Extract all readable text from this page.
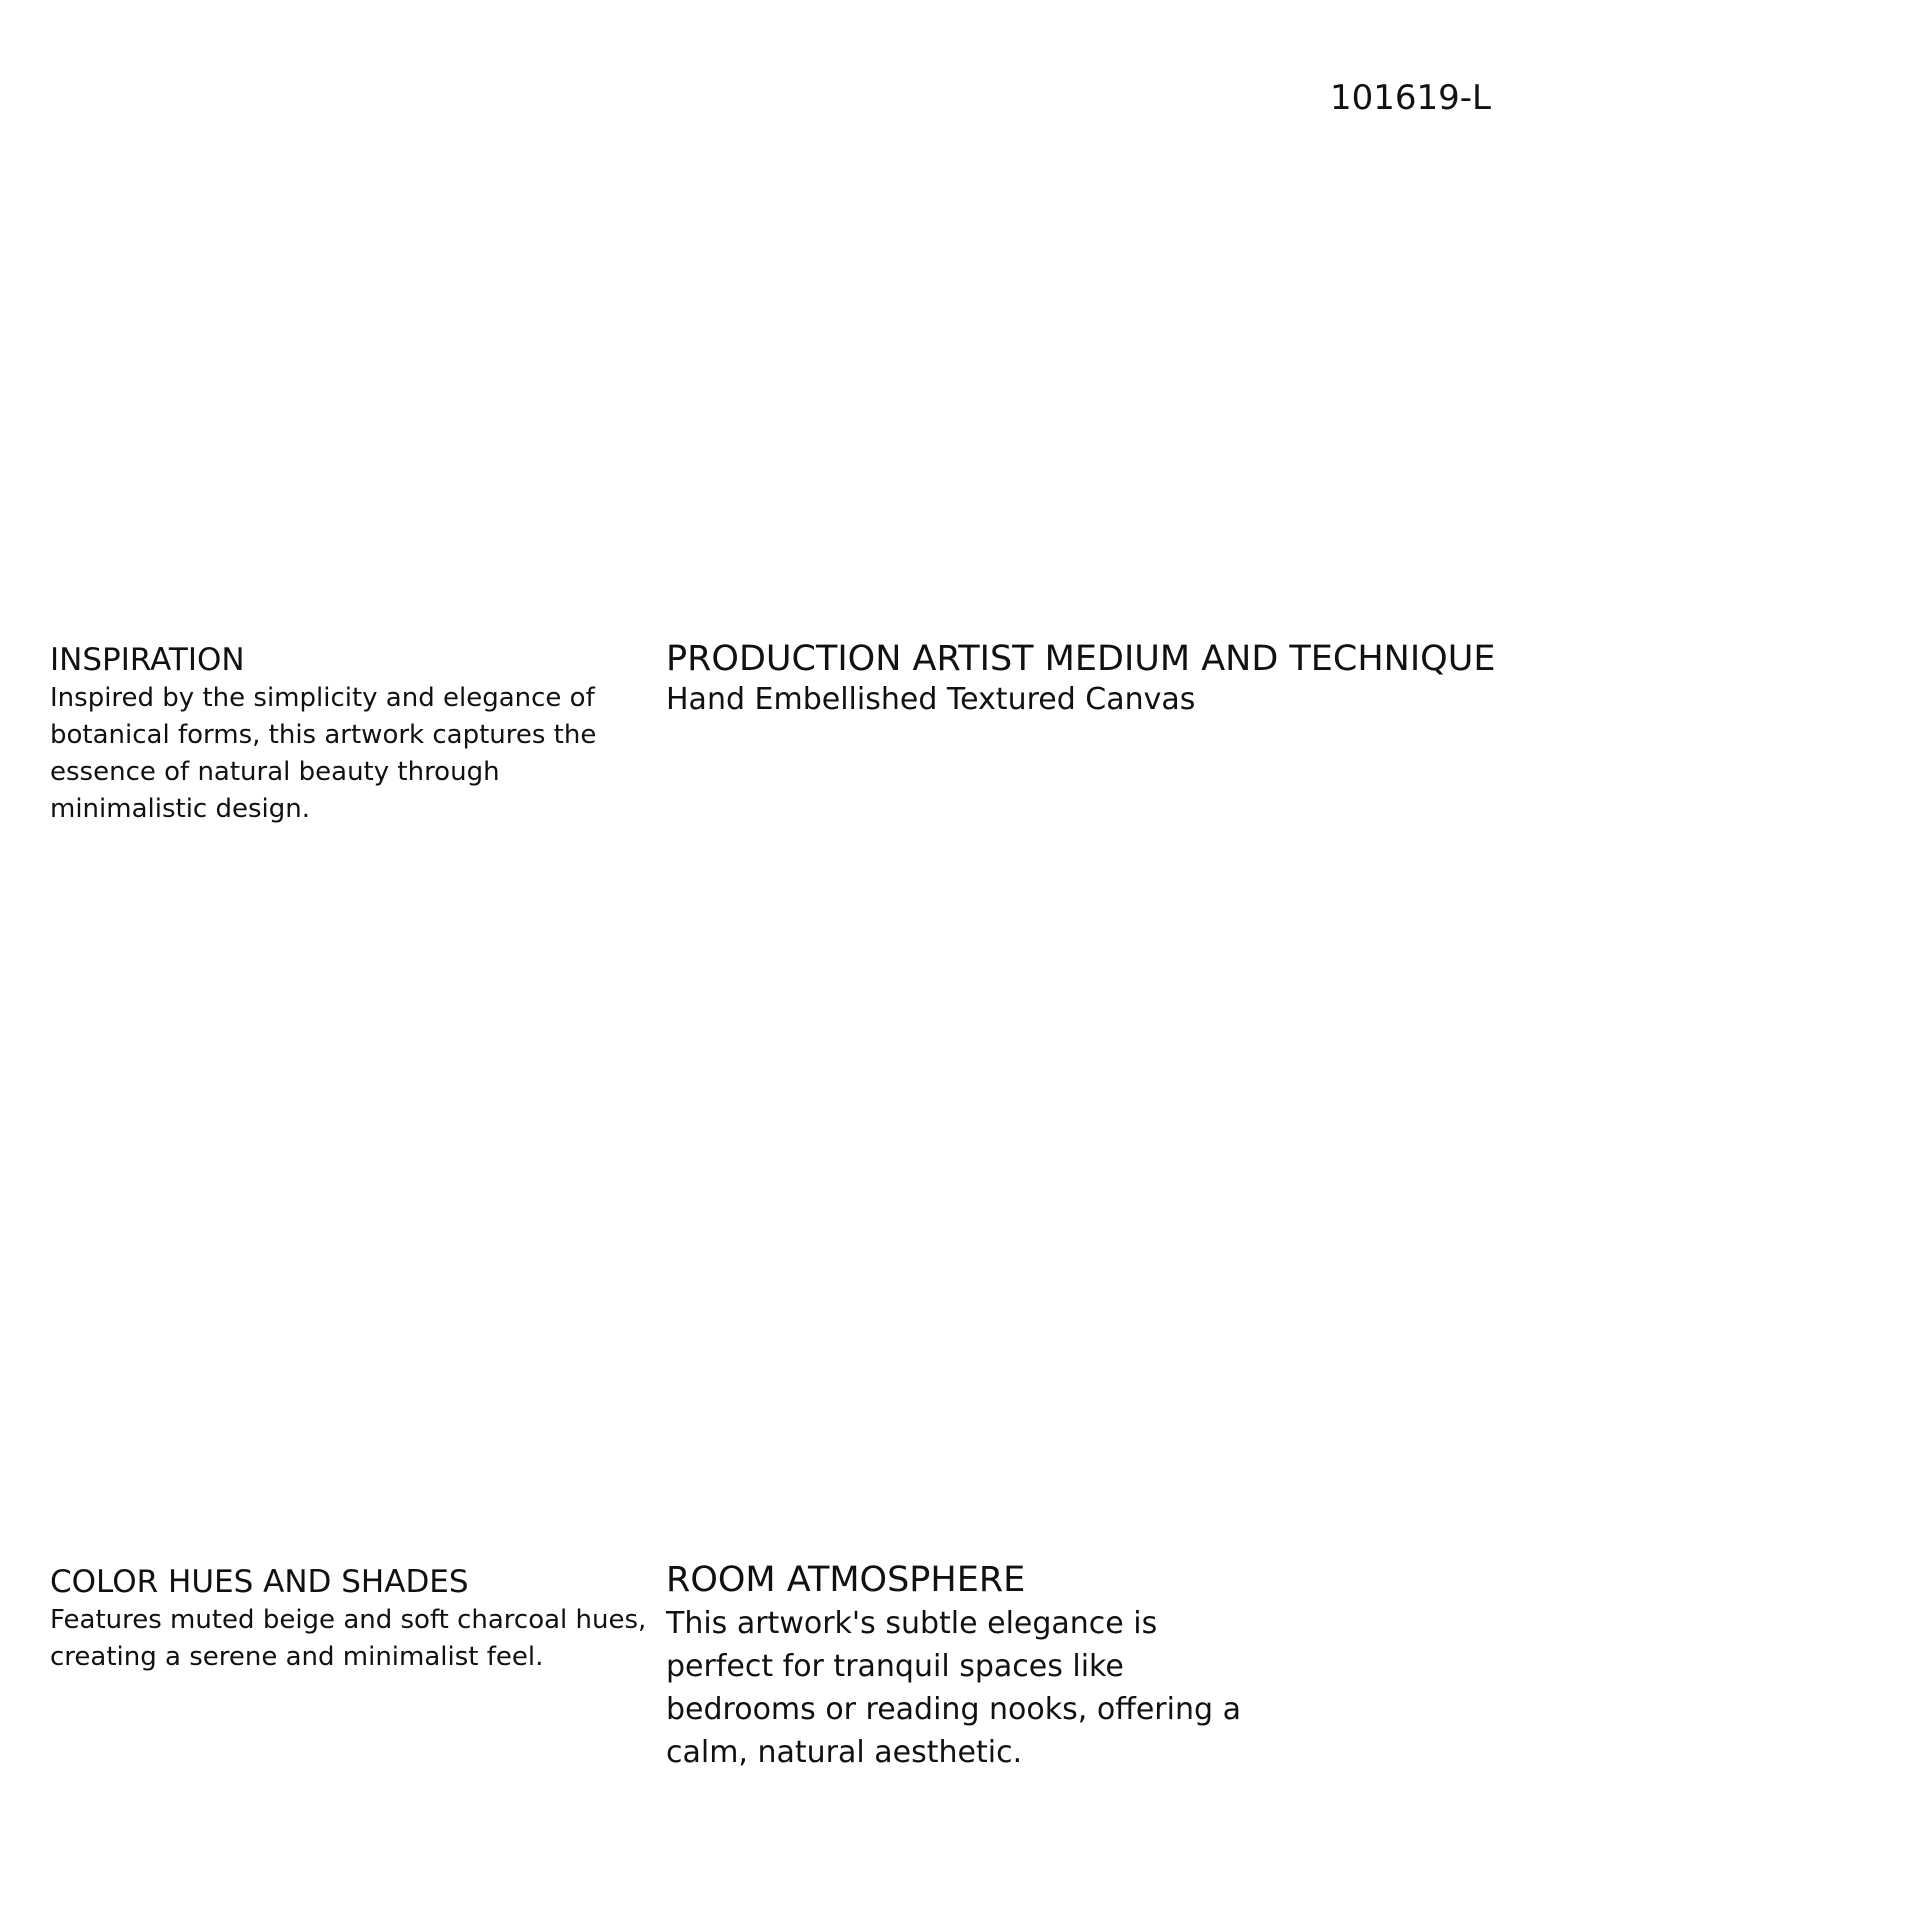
101619-L
INSPIRATION

Inspired by the simplicity and elegance of botanical forms, this artwork captures the essence of natural beauty through minimalistic design.

PRODUCTION ARTIST MEDIUM AND TECHNIQUE

Hand Embellished Textured Canvas

COLOR HUES AND SHADES

Features muted beige and soft charcoal hues, creating a serene and minimalist feel.

ROOM ATMOSPHERE

This artwork's subtle elegance is perfect for tranquil spaces like bedrooms or reading nooks, offering a calm, natural aesthetic.
